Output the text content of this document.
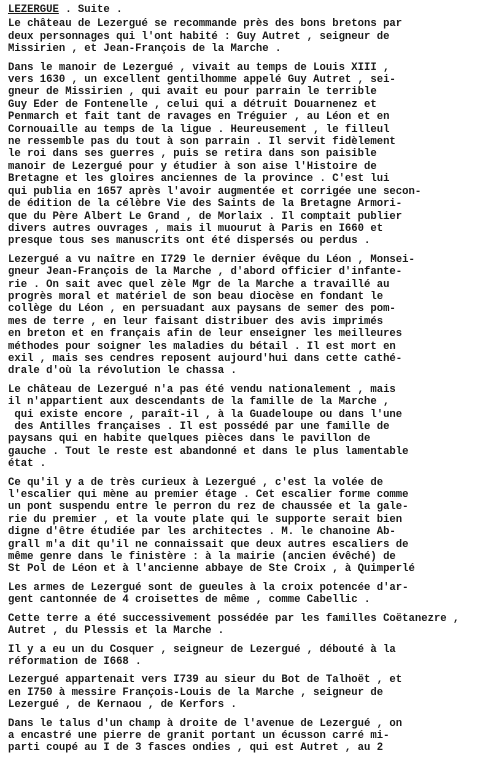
LEZERGUE . Suite .
Le château de Lezergué se recommande près des bons bretons par
deux personnages qui l'ont habité : Guy Autret , seigneur de
Missirien , et Jean-François de la Marche .
Dans le manoir de Lezergué , vivait au temps de Louis XIII ,
vers 1630 , un excellent gentilhomme appelé Guy Autret , sei-
gneur de Missirien , qui avait eu pour parrain le terrible
Guy Eder de Fontenelle , celui qui a détruit Douarnenez et
Penmarch et fait tant de ravages en Tréguier , au Léon et en
Cornouaille au temps de la ligue . Heureusement , le filleul
ne ressemble pas du tout à son parrain . Il servit fidèlement
le roi dans ses guerres , puis se retira dans son paisible
manoir de Lezergué pour y étudier à son aise l'Histoire de
Bretagne et les gloires anciennes de la province . C'est lui
qui publia en 1657 après l'avoir augmentée et corrigée une secon-
de édition de la célèbre Vie des Saints de la Bretagne Armori-
que du Père Albert Le Grand , de Morlaix . Il comptait publier
divers autres ouvrages , mais il muourut à Paris en I660 et
presque tous ses manuscrits ont été dispersés ou perdus .
Lezergué a vu naître en I729 le dernier évêque du Léon , Monsei-
gneur Jean-François de la Marche , d'abord officier d'infante-
rie . On sait avec quel zèle Mgr de la Marche a travaillé au
progrès moral et matériel de son beau diocèse en fondant le
collège du Léon , en persuadant aux paysans de semer des pom-
mes de terre , en leur faisant distribuer des avis imprimés
en breton et en français afin de leur enseigner les meilleures
méthodes pour soigner les maladies du bétail . Il est mort en
exil , mais ses cendres reposent aujourd'hui dans cette cathé-
drale d'où la révolution le chassa .
Le château de Lezergué n'a pas été vendu nationalement , mais
il n'appartient aux descendants de la famille de la Marche ,
qui existe encore , paraît-il , à la Guadeloupe ou dans l'une
des Antilles françaises . Il est possédé par une famille de
paysans qui en habite quelques pièces dans le pavillon de
gauche . Tout le reste est abandonné et dans le plus lamentable
état .
Ce qu'il y a de très curieux à Lezergué , c'est la volée de
l'escalier qui mène au premier étage . Cet escalier forme comme
un pont suspendu entre le perron du rez de chaussée et la gale-
rie du premier , et la voute plate qui le supporte serait bien
digne d'être étudiée par les architectes . M. le chanoine Ab-
grall m'a dit qu'il ne connaissait que deux autres escaliers de
même genre dans le finistère : à la mairie (ancien évêché) de
St Pol de Léon et à l'ancienne abbaye de Ste Croix , à Quimperlé
Les armes de Lezergué sont de gueules à la croix potencée d'ar-
gent cantonnée de 4 croisettes de même , comme Cabellic .
Cette terre a été successivement possédée par les familles Coëtanezre , Autret , du Plessis et la Marche .
Il y a eu un du Cosquer , seigneur de Lezergué , débouté à la
réformation de I668 .
Lezergué appartenait vers I739 au sieur du Bot de Talhoët , et
en I750 à messire François-Louis de la Marche , seigneur de
Lezergué , de Kernaou , de Kerfors .
Dans le talus d'un champ à droite de l'avenue de Lezergué , on
a encastré une pierre de granit portant un écusson carré mi-
parti coupé au I de 3 fasces ondies , qui est Autret , au 2
